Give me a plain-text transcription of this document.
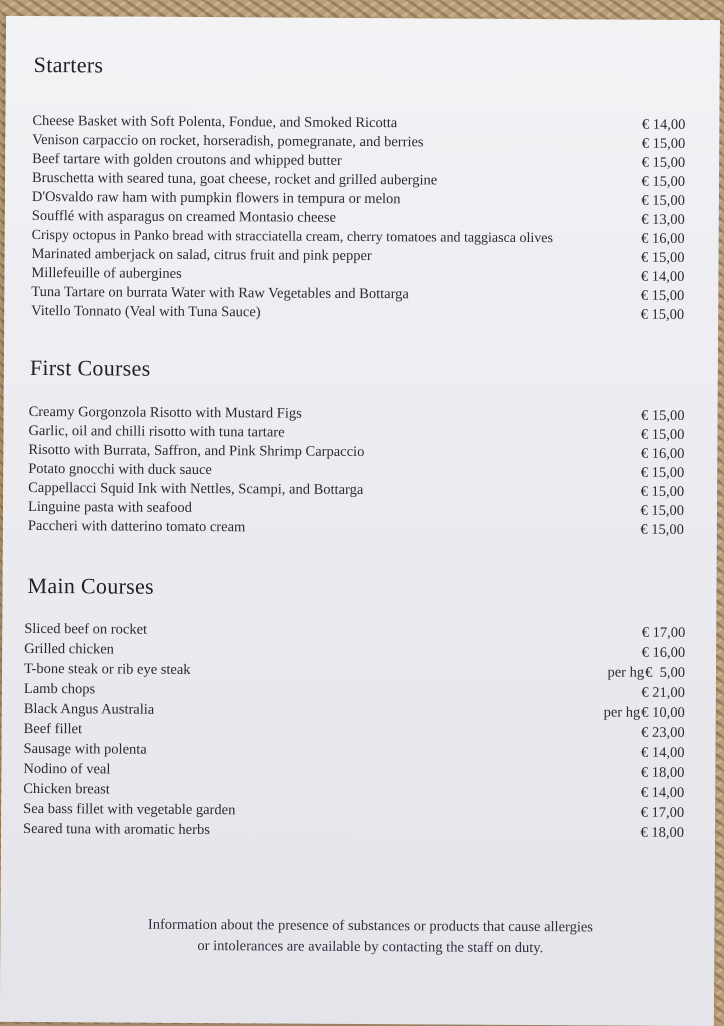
Starters
Cheese Basket with Soft Polenta, Fondue, and Smoked Ricotta	€ 14,00
Venison carpaccio on rocket, horseradish, pomegranate, and berries	€ 15,00
Beef tartare with golden croutons and whipped butter	€ 15,00
Bruschetta with seared tuna, goat cheese, rocket and grilled aubergine	€ 15,00
D'Osvaldo raw ham with pumpkin flowers in tempura or melon	€ 15,00
Soufflé with asparagus on creamed Montasio cheese	€ 13,00
Crispy octopus in Panko bread with stracciatella cream, cherry tomatoes and taggiasca olives	€ 16,00
Marinated amberjack on salad, citrus fruit and pink pepper	€ 15,00
Millefeuille of aubergines	€ 14,00
Tuna Tartare on burrata Water with Raw Vegetables and Bottarga	€ 15,00
Vitello Tonnato (Veal with Tuna Sauce)	€ 15,00
First Courses
Creamy Gorgonzola Risotto with Mustard Figs	€ 15,00
Garlic, oil and chilli risotto with tuna tartare	€ 15,00
Risotto with Burrata, Saffron, and Pink Shrimp Carpaccio	€ 16,00
Potato gnocchi with duck sauce	€ 15,00
Cappellacci Squid Ink with Nettles, Scampi, and Bottarga	€ 15,00
Linguine pasta with seafood	€ 15,00
Paccheri with datterino tomato cream	€ 15,00
Main Courses
Sliced beef on rocket	€ 17,00
Grilled chicken	€ 16,00
T-bone steak or rib eye steak	per hg€  5,00
Lamb chops	€ 21,00
Black Angus Australia	per hg€ 10,00
Beef fillet	€ 23,00
Sausage with polenta	€ 14,00
Nodino of veal	€ 18,00
Chicken breast	€ 14,00
Sea bass fillet with vegetable garden	€ 17,00
Seared tuna with aromatic herbs	€ 18,00
Information about the presence of substances or products that cause allergies
or intolerances are available by contacting the staff on duty.
